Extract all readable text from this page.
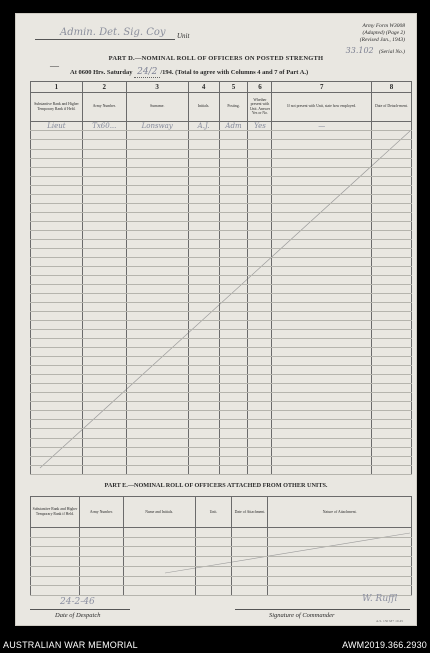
Admin. Det. Sig. Coy Unit
Army Form W3008
(Adapted) (Page 2)
(Revised Jan., 1943)
33.102 (Serial No.)
—
PART D.—NOMINAL ROLL OF OFFICERS ON POSTED STRENGTH
At 0600 Hrs. Saturday 24/2 /194. (Total to agree with Columns 4 and 7 of Part A.)
1	2	3	4	5	6	7	8
Substantive Rank and Higher Temporary Rank if Held.	Army Number.	Surname.	Initials.	Posting.	Whether present with Unit. Answer Yes or No.	If not present with Unit, state how employed.	Date of Detach-ment.
Lieut	Tx60...	Lonsway	A.J.	Adm	Yes	—	

PART E.—NOMINAL ROLL OF OFFICERS ATTACHED FROM OTHER UNITS.
Substantive Rank and Higher Temporary Rank if Held.	Army Number.	Name and Initials.	Unit.	Date of Attachment.	Nature of Attachment.

24-2-46	W. Ruffl
Date of Despatch	Signature of Commander
A.S. 150 M+ 10.45
AUSTRALIAN WAR MEMORIAL	AWM2019.366.2930
